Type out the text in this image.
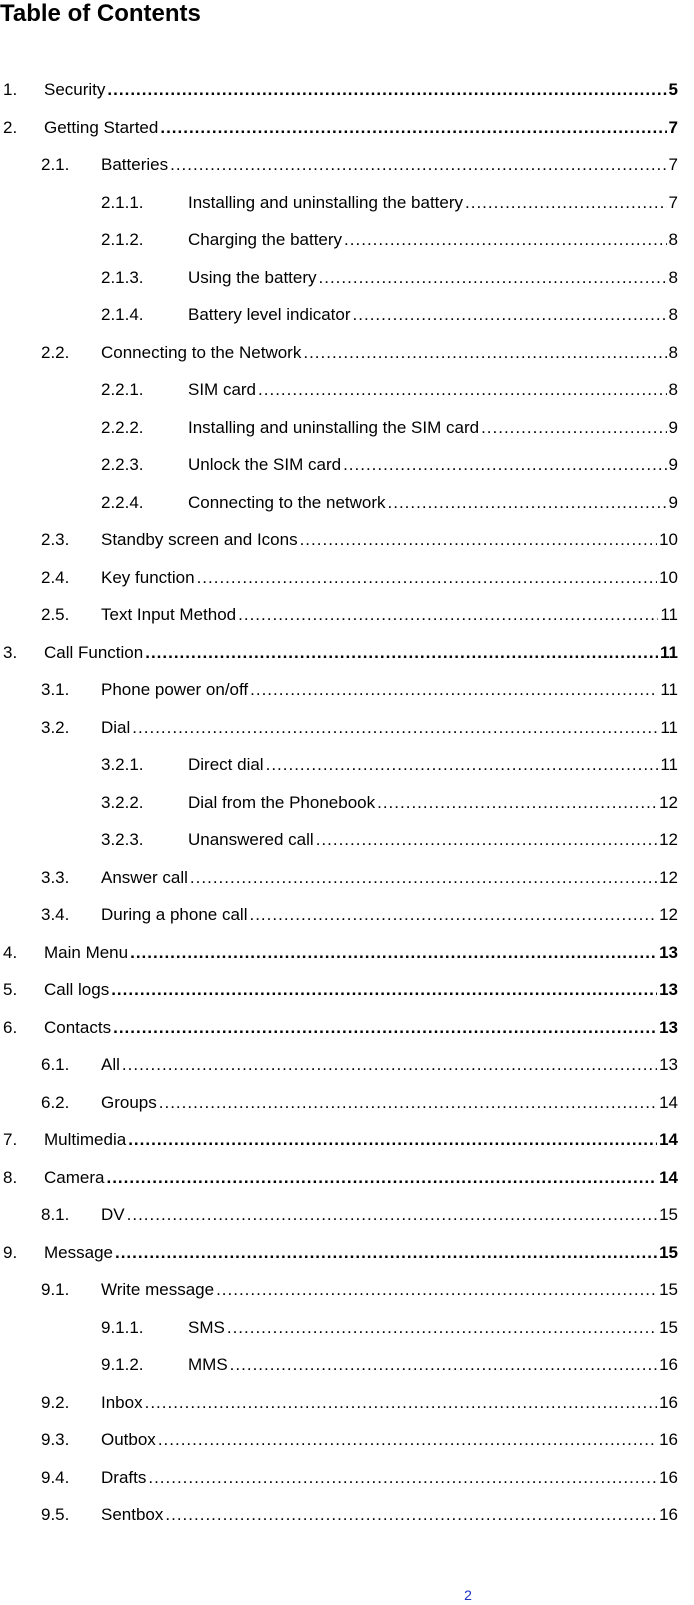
Table of Contents
1.	Security .....	5
2.	Getting Started .....	7
2.1.	Batteries .....	7
2.1.1.	Installing and uninstalling the battery .....	7
2.1.2.	Charging the battery .....	8
2.1.3.	Using the battery .....	8
2.1.4.	Battery level indicator .....	8
2.2.	Connecting to the Network .....	8
2.2.1.	SIM card .....	8
2.2.2.	Installing and uninstalling the SIM card .....	9
2.2.3.	Unlock the SIM card .....	9
2.2.4.	Connecting to the network .....	9
2.3.	Standby screen and Icons .....	10
2.4.	Key function .....	10
2.5.	Text Input Method .....	11
3.	Call Function .....	11
3.1.	Phone power on/off .....	11
3.2.	Dial .....	11
3.2.1.	Direct dial .....	11
3.2.2.	Dial from the Phonebook .....	12
3.2.3.	Unanswered call .....	12
3.3.	Answer call .....	12
3.4.	During a phone call .....	12
4.	Main Menu .....	13
5.	Call logs .....	13
6.	Contacts .....	13
6.1.	All .....	13
6.2.	Groups .....	14
7.	Multimedia .....	14
8.	Camera .....	14
8.1.	DV .....	15
9.	Message .....	15
9.1.	Write message .....	15
9.1.1.	SMS .....	15
9.1.2.	MMS .....	16
9.2.	Inbox .....	16
9.3.	Outbox .....	16
9.4.	Drafts .....	16
9.5.	Sentbox .....	16
2
